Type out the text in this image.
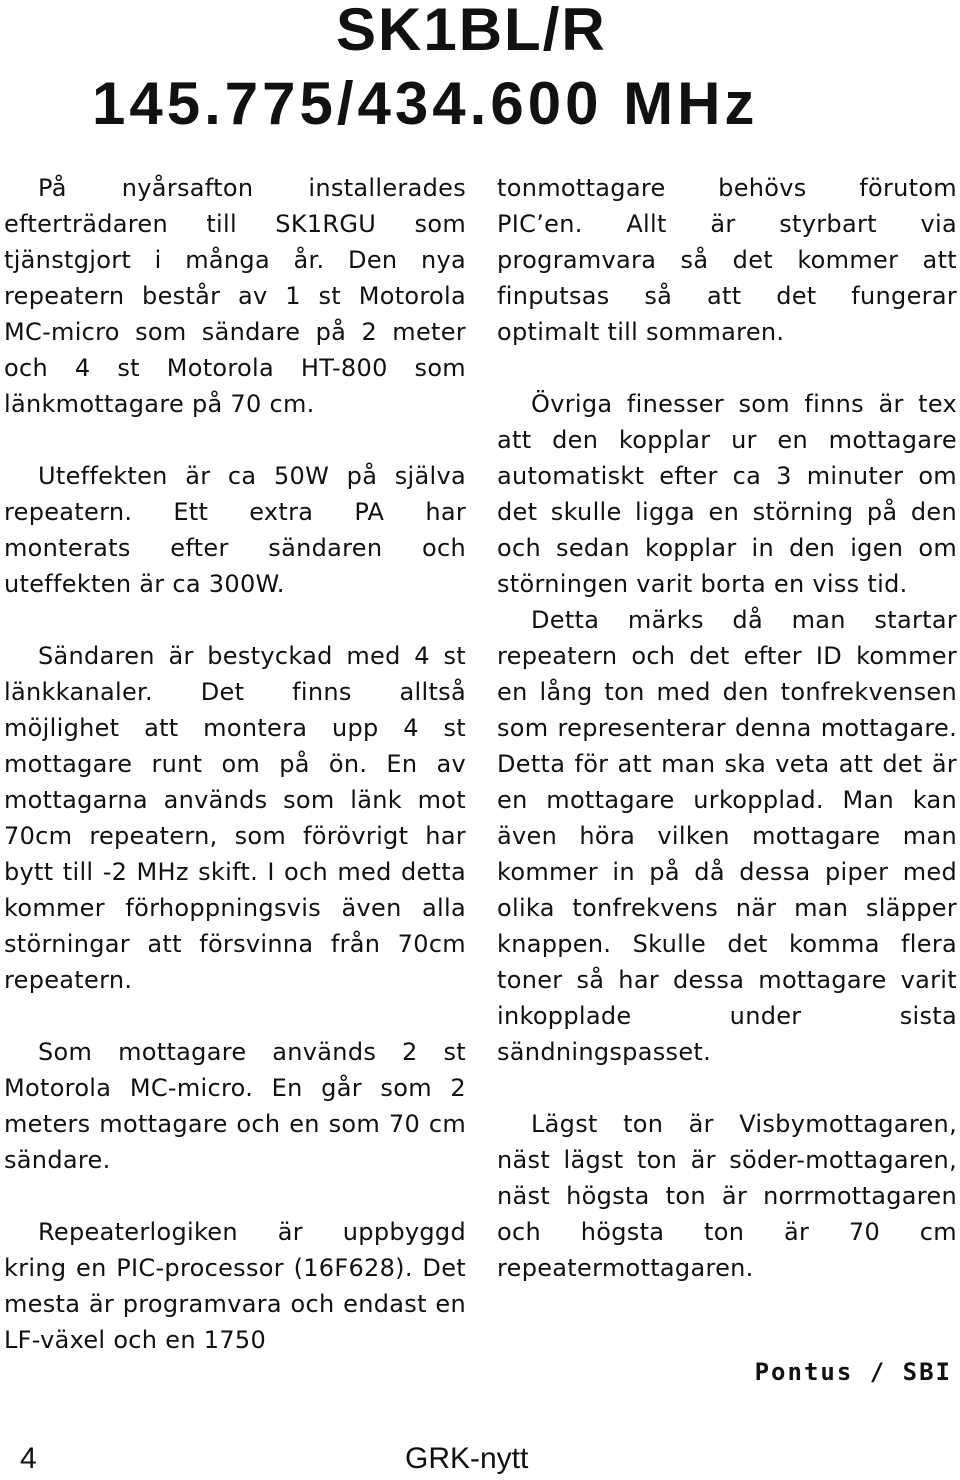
SK1BL/R
145.775/434.600 MHz

På nyårsafton installerades efterträdaren till SK1RGU som tjänstgjort i många år. Den nya repeatern består av 1 st Motorola MC-micro som sändare på 2 meter och 4 st Motorola HT-800 som länkmottagare på 70 cm.

Uteffekten är ca 50W på själva repeatern. Ett extra PA har monterats efter sändaren och uteffekten är ca 300W.

Sändaren är bestyckad med 4 st länkkanaler. Det finns alltså möjlighet att montera upp 4 st mottagare runt om på ön. En av mottagarna används som länk mot 70cm repeatern, som förövrigt har bytt till -2 MHz skift. I och med detta kommer förhoppningsvis även alla störningar att försvinna från 70cm repeatern.

Som mottagare används 2 st Motorola MC-micro. En går som 2 meters mottagare och en som 70 cm sändare.

Repeaterlogiken är uppbyggd kring en PIC-processor (16F628). Det mesta är programvara och endast en LF-växel och en 1750

tonmottagare behövs förutom PIC’en. Allt är styrbart via programvara så det kommer att finputsas så att det fungerar optimalt till sommaren.

Övriga finesser som finns är tex att den kopplar ur en mottagare automatiskt efter ca 3 minuter om det skulle ligga en störning på den och sedan kopplar in den igen om störningen varit borta en viss tid.

Detta märks då man startar repeatern och det efter ID kommer en lång ton med den tonfrekvensen som representerar denna mottagare. Detta för att man ska veta att det är en mottagare urkopplad. Man kan även höra vilken mottagare man kommer in på då dessa piper med olika tonfrekvens när man släpper knappen. Skulle det komma flera toner så har dessa mottagare varit inkopplade under sista sändningspasset.

Lägst ton är Visbymottagaren, näst lägst ton är söder-mottagaren, näst högsta ton är norrmottagaren och högsta ton är 70 cm repeatermottagaren.

Pontus / SBI
4	GRK-nytt
